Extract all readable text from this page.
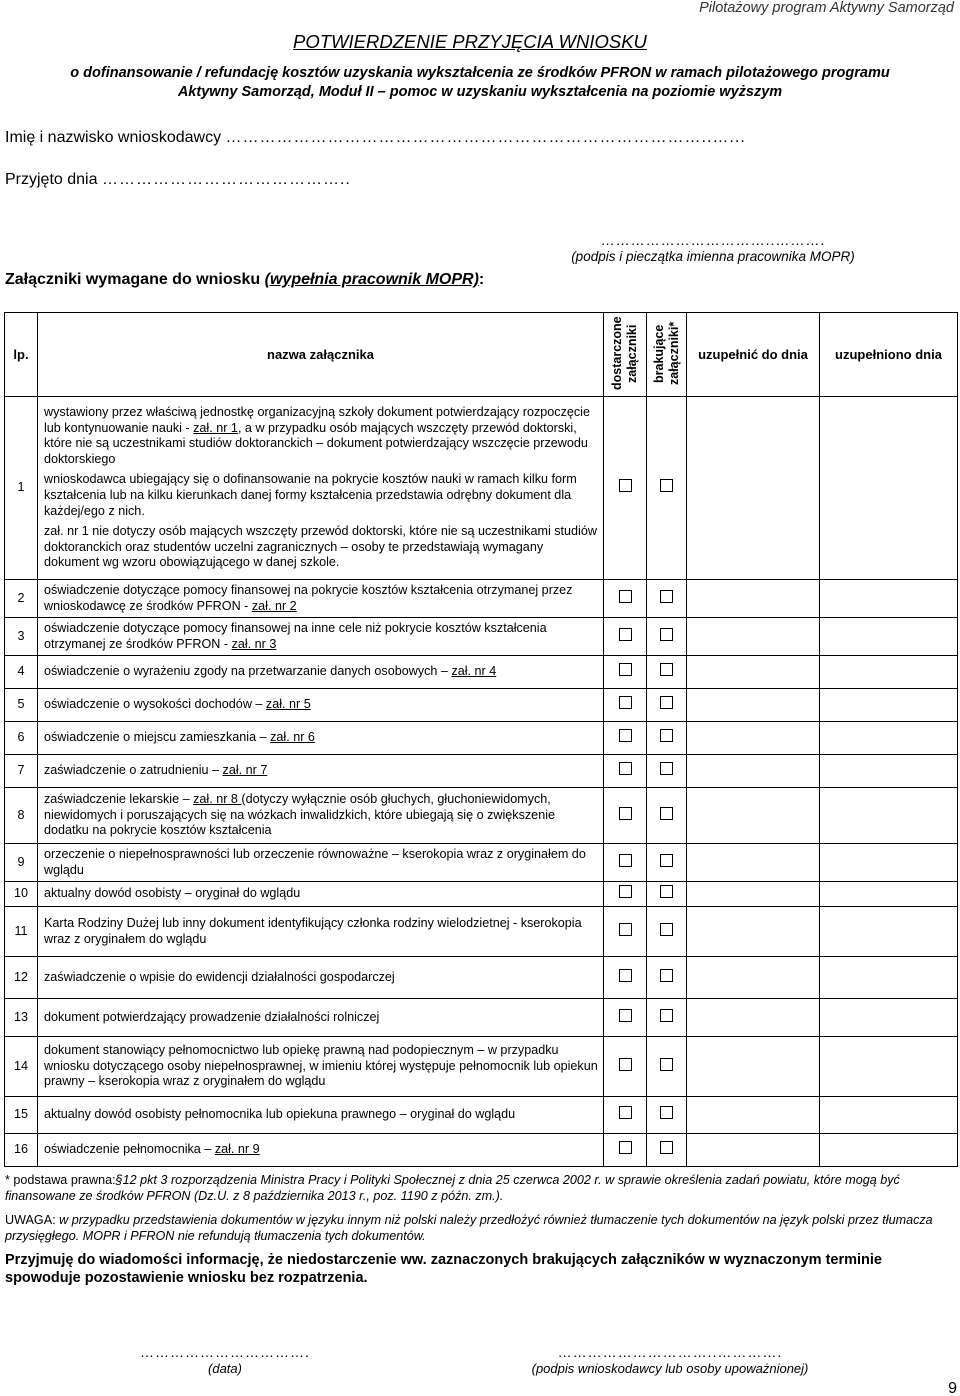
Pilotażowy program Aktywny Samorząd
POTWIERDZENIE PRZYJĘCIA WNIOSKU
o dofinansowanie / refundację kosztów uzyskania wykształcenia ze środków PFRON w ramach pilotażowego programu
Aktywny Samorząd, Moduł II – pomoc w uzyskaniu wykształcenia na poziomie wyższym
Imię i nazwisko wnioskodawcy …………………………………………………………………………..…...
Przyjęto dnia ……………………………………..
……………………………..……….
(podpis i pieczątka imienna pracownika MOPR)
Załączniki wymagane do wniosku (wypełnia pracownik MOPR):
lp.	nazwa załącznika	dostarczone załączniki	brakujące załączniki*	uzupełnić do dnia	uzupełniono dnia
1	wystawiony przez właściwą jednostkę organizacyjną szkoły dokument potwierdzający rozpoczęcie lub kontynuowanie nauki - zał. nr 1, a w przypadku osób mających wszczęty przewód doktorski, które nie są uczestnikami studiów doktoranckich – dokument potwierdzający wszczęcie przewodu doktorskiego

wnioskodawca ubiegający się o dofinansowanie na pokrycie kosztów nauki w ramach kilku form kształcenia lub na kilku kierunkach danej formy kształcenia przedstawia odrębny dokument dla każdej/ego z nich.

zał. nr 1 nie dotyczy osób mających wszczęty przewód doktorski, które nie są uczestnikami studiów doktoranckich oraz studentów uczelni zagranicznych – osoby te przedstawiają wymagany dokument wg wzoru obowiązującego w danej szkole.				

2	oświadczenie dotyczące pomocy finansowej na pokrycie kosztów kształcenia otrzymanej przez wnioskodawcę ze środków PFRON - zał. nr 2				
3	oświadczenie dotyczące pomocy finansowej na inne cele niż pokrycie kosztów kształcenia otrzymanej ze środków PFRON - zał. nr 3				
4	oświadczenie o wyrażeniu zgody na przetwarzanie danych osobowych – zał. nr 4				
5	oświadczenie o wysokości dochodów – zał. nr 5				
6	oświadczenie o miejscu zamieszkania – zał. nr 6				
7	zaświadczenie o zatrudnieniu – zał. nr 7				
8	zaświadczenie lekarskie – zał. nr 8 (dotyczy wyłącznie osób głuchych, głuchoniewidomych, niewidomych i poruszających się na wózkach inwalidzkich, które ubiegają się o zwiększenie dodatku na pokrycie kosztów kształcenia				
9	orzeczenie o niepełnosprawności lub orzeczenie równoważne – kserokopia wraz z oryginałem do wglądu				
10	aktualny dowód osobisty – oryginał do wglądu				
11	Karta Rodziny Dużej lub inny dokument identyfikujący członka rodziny wielodzietnej - kserokopia wraz z oryginałem do wglądu				
12	zaświadczenie o wpisie do ewidencji działalności gospodarczej				
13	dokument potwierdzający prowadzenie działalności rolniczej				
14	dokument stanowiący pełnomocnictwo lub opiekę prawną nad podopiecznym – w przypadku wniosku dotyczącego osoby niepełnosprawnej, w imieniu której występuje pełnomocnik lub opiekun prawny – kserokopia wraz z oryginałem do wglądu				
15	aktualny dowód osobisty pełnomocnika lub opiekuna prawnego – oryginał do wglądu				
16	oświadczenie pełnomocnika – zał. nr 9				
* podstawa prawna:§12 pkt 3 rozporządzenia Ministra Pracy i Polityki Społecznej z dnia 25 czerwca 2002 r. w sprawie określenia zadań powiatu, które mogą być finansowane ze środków PFRON (Dz.U. z 8 października 2013 r., poz. 1190 z późn. zm.).
UWAGA: w przypadku przedstawienia dokumentów w języku innym niż polski należy przedłożyć również tłumaczenie tych dokumentów na język polski przez tłumacza przysięgłego. MOPR i PFRON nie refundują tłumaczenia tych dokumentów.
Przyjmuję do wiadomości informację, że niedostarczenie ww. zaznaczonych brakujących załączników w wyznaczonym terminie spowoduje pozostawienie wniosku bez rozpatrzenia.
…………………………….
(data)
…………………………..………….
(podpis wnioskodawcy lub osoby upoważnionej)
9
